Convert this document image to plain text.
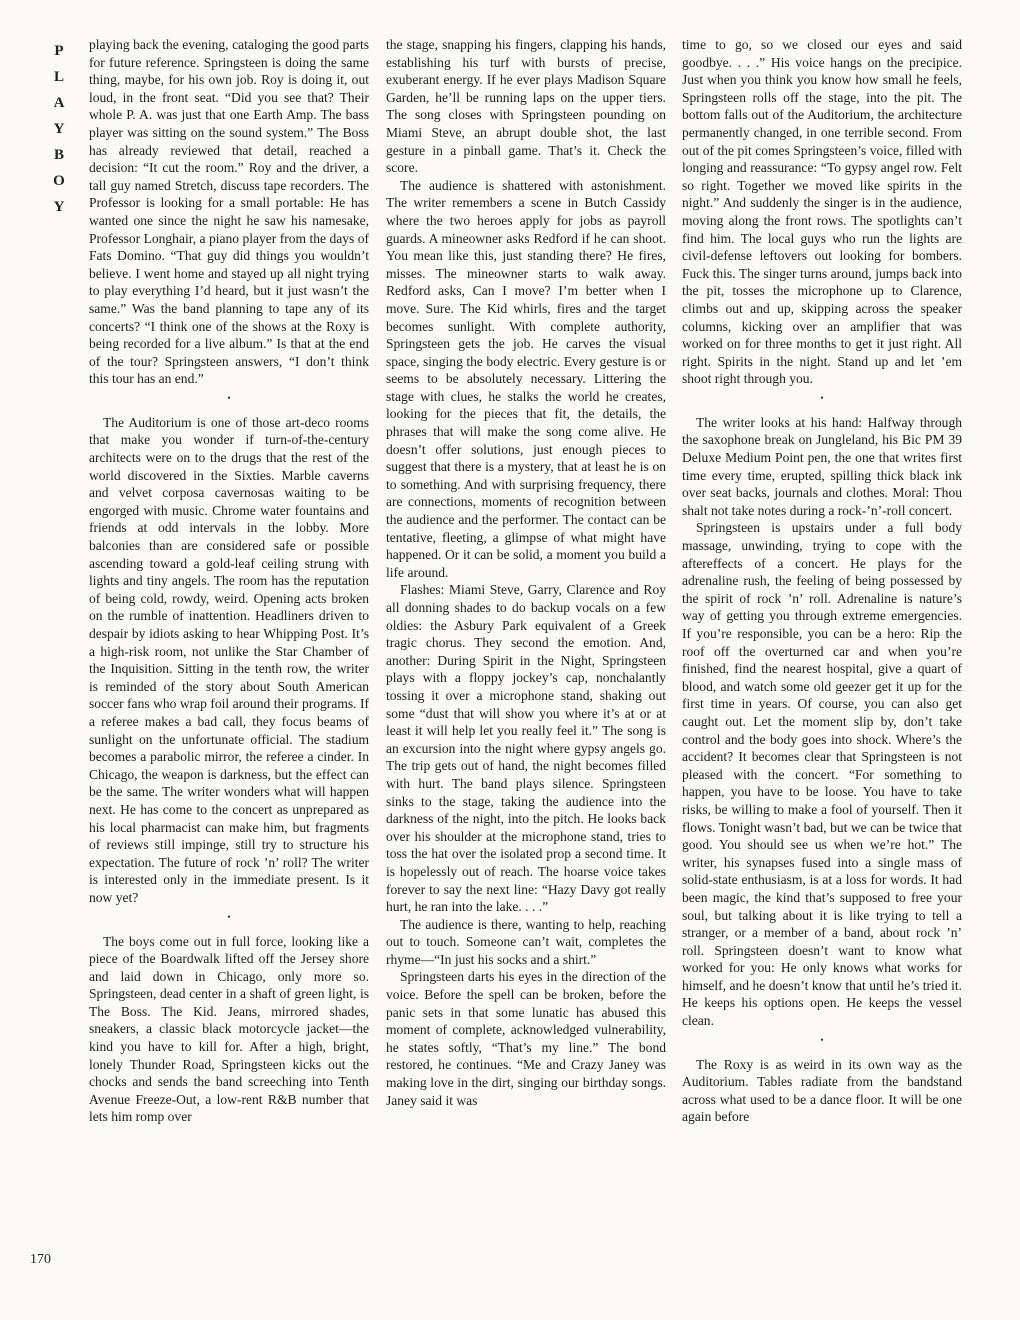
P
L
A
Y
B
O
Y

playing back the evening, cataloging the good parts for future reference. Springsteen is doing the same thing, maybe, for his own job. Roy is doing it, out loud, in the front seat. “Did you see that? Their whole P. A. was just that one Earth Amp. The bass player was sitting on the sound system.” The Boss has already reviewed that detail, reached a decision: “It cut the room.” Roy and the driver, a tall guy named Stretch, discuss tape recorders. The Professor is looking for a small portable: He has wanted one since the night he saw his namesake, Professor Longhair, a piano player from the days of Fats Domino. “That guy did things you wouldn’t believe. I went home and stayed up all night trying to play everything I’d heard, but it just wasn’t the same.” Was the band planning to tape any of its concerts? “I think one of the shows at the Roxy is being recorded for a live album.” Is that at the end of the tour? Springsteen answers, “I don’t think this tour has an end.”

•

The Auditorium is one of those art-deco rooms that make you wonder if turn-of-the-century architects were on to the drugs that the rest of the world discovered in the Sixties. Marble caverns and velvet corposa cavernosas waiting to be engorged with music. Chrome water fountains and friends at odd intervals in the lobby. More balconies than are considered safe or possible ascending toward a gold-leaf ceiling strung with lights and tiny angels. The room has the reputation of being cold, rowdy, weird. Opening acts broken on the rumble of inattention. Headliners driven to despair by idiots asking to hear Whipping Post. It’s a high-risk room, not unlike the Star Chamber of the Inquisition. Sitting in the tenth row, the writer is reminded of the story about South American soccer fans who wrap foil around their programs. If a referee makes a bad call, they focus beams of sunlight on the unfortunate official. The stadium becomes a parabolic mirror, the referee a cinder. In Chicago, the weapon is darkness, but the effect can be the same. The writer wonders what will happen next. He has come to the concert as unprepared as his local pharmacist can make him, but fragments of reviews still impinge, still try to structure his expectation. The future of rock ’n’ roll? The writer is interested only in the immediate present. Is it now yet?

•

The boys come out in full force, looking like a piece of the Boardwalk lifted off the Jersey shore and laid down in Chicago, only more so. Springsteen, dead center in a shaft of green light, is The Boss. The Kid. Jeans, mirrored shades, sneakers, a classic black motorcycle jacket—the kind you have to kill for. After a high, bright, lonely Thunder Road, Springsteen kicks out the chocks and sends the band screeching into Tenth Avenue Freeze-Out, a low-rent R&B number that lets him romp over

the stage, snapping his fingers, clapping his hands, establishing his turf with bursts of precise, exuberant energy. If he ever plays Madison Square Garden, he’ll be running laps on the upper tiers. The song closes with Springsteen pounding on Miami Steve, an abrupt double shot, the last gesture in a pinball game. That’s it. Check the score.

The audience is shattered with astonishment. The writer remembers a scene in Butch Cassidy where the two heroes apply for jobs as payroll guards. A mineowner asks Redford if he can shoot. You mean like this, just standing there? He fires, misses. The mineowner starts to walk away. Redford asks, Can I move? I’m better when I move. Sure. The Kid whirls, fires and the target becomes sunlight. With complete authority, Springsteen gets the job. He carves the visual space, singing the body electric. Every gesture is or seems to be absolutely necessary. Littering the stage with clues, he stalks the world he creates, looking for the pieces that fit, the details, the phrases that will make the song come alive. He doesn’t offer solutions, just enough pieces to suggest that there is a mystery, that at least he is on to something. And with surprising frequency, there are connections, moments of recognition between the audience and the performer. The contact can be tentative, fleeting, a glimpse of what might have happened. Or it can be solid, a moment you build a life around.

Flashes: Miami Steve, Garry, Clarence and Roy all donning shades to do backup vocals on a few oldies: the Asbury Park equivalent of a Greek tragic chorus. They second the emotion. And, another: During Spirit in the Night, Springsteen plays with a floppy jockey’s cap, nonchalantly tossing it over a microphone stand, shaking out some “dust that will show you where it’s at or at least it will help let you really feel it.” The song is an excursion into the night where gypsy angels go. The trip gets out of hand, the night becomes filled with hurt. The band plays silence. Springsteen sinks to the stage, taking the audience into the darkness of the night, into the pitch. He looks back over his shoulder at the microphone stand, tries to toss the hat over the isolated prop a second time. It is hopelessly out of reach. The hoarse voice takes forever to say the next line: “Hazy Davy got really hurt, he ran into the lake. . . .”

The audience is there, wanting to help, reaching out to touch. Someone can’t wait, completes the rhyme—“In just his socks and a shirt.”

Springsteen darts his eyes in the direction of the voice. Before the spell can be broken, before the panic sets in that some lunatic has abused this moment of complete, acknowledged vulnerability, he states softly, “That’s my line.” The bond restored, he continues. “Me and Crazy Janey was making love in the dirt, singing our birthday songs. Janey said it was

time to go, so we closed our eyes and said goodbye. . . .” His voice hangs on the precipice. Just when you think you know how small he feels, Springsteen rolls off the stage, into the pit. The bottom falls out of the Auditorium, the architecture permanently changed, in one terrible second. From out of the pit comes Springsteen’s voice, filled with longing and reassurance: “To gypsy angel row. Felt so right. Together we moved like spirits in the night.” And suddenly the singer is in the audience, moving along the front rows. The spotlights can’t find him. The local guys who run the lights are civil-defense leftovers out looking for bombers. Fuck this. The singer turns around, jumps back into the pit, tosses the microphone up to Clarence, climbs out and up, skipping across the speaker columns, kicking over an amplifier that was worked on for three months to get it just right. All right. Spirits in the night. Stand up and let ’em shoot right through you.

•

The writer looks at his hand: Halfway through the saxophone break on Jungleland, his Bic PM 39 Deluxe Medium Point pen, the one that writes first time every time, erupted, spilling thick black ink over seat backs, journals and clothes. Moral: Thou shalt not take notes during a rock-’n’-roll concert.

Springsteen is upstairs under a full body massage, unwinding, trying to cope with the aftereffects of a concert. He plays for the adrenaline rush, the feeling of being possessed by the spirit of rock ’n’ roll. Adrenaline is nature’s way of getting you through extreme emergencies. If you’re responsible, you can be a hero: Rip the roof off the overturned car and when you’re finished, find the nearest hospital, give a quart of blood, and watch some old geezer get it up for the first time in years. Of course, you can also get caught out. Let the moment slip by, don’t take control and the body goes into shock. Where’s the accident? It becomes clear that Springsteen is not pleased with the concert. “For something to happen, you have to be loose. You have to take risks, be willing to make a fool of yourself. Then it flows. Tonight wasn’t bad, but we can be twice that good. You should see us when we’re hot.” The writer, his synapses fused into a single mass of solid-state enthusiasm, is at a loss for words. It had been magic, the kind that’s supposed to free your soul, but talking about it is like trying to tell a stranger, or a member of a band, about rock ’n’ roll. Springsteen doesn’t want to know what worked for you: He only knows what works for himself, and he doesn’t know that until he’s tried it. He keeps his options open. He keeps the vessel clean.

•

The Roxy is as weird in its own way as the Auditorium. Tables radiate from the bandstand across what used to be a dance floor. It will be one again before

170
